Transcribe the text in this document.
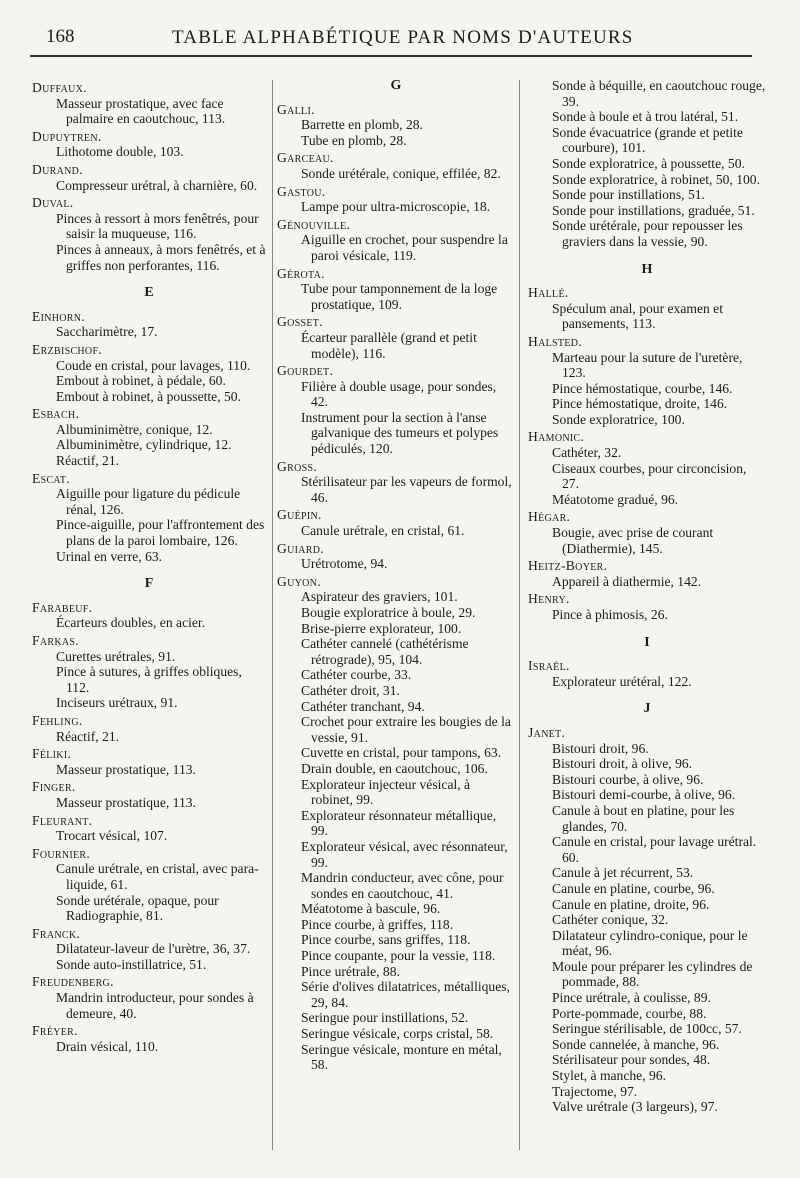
168	TABLE ALPHABÉTIQUE PAR NOMS D'AUTEURS
Duffaux.
Masseur prostatique, avec face palmaire en caoutchouc, 113.
Dupuytren.
Lithotome double, 103.
Durand.
Compresseur urétral, à charnière, 60.
Duval.
Pinces à ressort à mors fenêtrés, pour saisir la muqueuse, 116.
Pinces à anneaux, à mors fenêtrés, et à griffes non perforantes, 116.
E
Einhorn.
Saccharimètre, 17.
Erzbischof.
Coude en cristal, pour lavages, 110.
Embout à robinet, à pédale, 60.
Embout à robinet, à poussette, 50.
Esbach.
Albuminimètre, conique, 12.
Albuminimètre, cylindrique, 12.
Réactif, 21.
Escat.
Aiguille pour ligature du pédicule rénal, 126.
Pince-aiguille, pour l'affrontement des plans de la paroi lombaire, 126.
Urinal en verre, 63.
F
Farabeuf.
Écarteurs doubles, en acier.
Farkas.
Curettes urétrales, 91.
Pince à sutures, à griffes obliques, 112.
Inciseurs urétraux, 91.
Fehling.
Réactif, 21.
Féliki.
Masseur prostatique, 113.
Finger.
Masseur prostatique, 113.
Fleurant.
Trocart vésical, 107.
Fournier.
Canule urétrale, en cristal, avec para-liquide, 61.
Sonde urétérale, opaque, pour Radiographie, 81.
Franck.
Dilatateur-laveur de l'urètre, 36, 37.
Sonde auto-instillatrice, 51.
Freudenberg.
Mandrin introducteur, pour sondes à demeure, 40.
Fréyer.
Drain vésical, 110.
G
Galli.
Barrette en plomb, 28.
Tube en plomb, 28.
Garceau.
Sonde urétérale, conique, effilée, 82.
Gastou.
Lampe pour ultra-microscopie, 18.
Génouville.
Aiguille en crochet, pour suspendre la paroi vésicale, 119.
Gérota.
Tube pour tamponnement de la loge prostatique, 109.
Gosset.
Écarteur parallèle (grand et petit modèle), 116.
Gourdet.
Filière à double usage, pour sondes, 42.
Instrument pour la section à l'anse galvanique des tumeurs et polypes pédiculés, 120.
Gross.
Stérilisateur par les vapeurs de formol, 46.
Guépin.
Canule urétrale, en cristal, 61.
Guiard.
Urétrotome, 94.
Guyon.
Aspirateur des graviers, 101.
Bougie exploratrice à boule, 29.
Brise-pierre explorateur, 100.
Cathéter cannelé (cathétérisme rétrograde), 95, 104.
Cathéter courbe, 33.
Cathéter droit, 31.
Cathéter tranchant, 94.
Crochet pour extraire les bougies de la vessie, 91.
Cuvette en cristal, pour tampons, 63.
Drain double, en caoutchouc, 106.
Explorateur injecteur vésical, à robinet, 99.
Explorateur résonnateur métallique, 99.
Explorateur vésical, avec résonnateur, 99.
Mandrin conducteur, avec cône, pour sondes en caoutchouc, 41.
Méatotome à bascule, 96.
Pince courbe, à griffes, 118.
Pince courbe, sans griffes, 118.
Pince coupante, pour la vessie, 118.
Pince urétrale, 88.
Série d'olives dilatatrices, métalliques, 29, 84.
Seringue pour instillations, 52.
Seringue vésicale, corps cristal, 58.
Seringue vésicale, monture en métal, 58.
Sonde à béquille, en caoutchouc rouge, 39.
Sonde à boule et à trou latéral, 51.
Sonde évacuatrice (grande et petite courbure), 101.
Sonde exploratrice, à poussette, 50.
Sonde exploratrice, à robinet, 50, 100.
Sonde pour instillations, 51.
Sonde pour instillations, graduée, 51.
Sonde urétérale, pour repousser les graviers dans la vessie, 90.
H
Hallé.
Spéculum anal, pour examen et pansements, 113.
Halsted.
Marteau pour la suture de l'uretère, 123.
Pince hémostatique, courbe, 146.
Pince hémostatique, droite, 146.
Sonde exploratrice, 100.
Hamonic.
Cathéter, 32.
Ciseaux courbes, pour circoncision, 27.
Méatotome gradué, 96.
Hégar.
Bougie, avec prise de courant (Diathermie), 145.
Heitz-Boyer.
Appareil à diathermie, 142.
Henry.
Pince à phimosis, 26.
I
Israël.
Explorateur urétéral, 122.
J
Janet.
Bistouri droit, 96.
Bistouri droit, à olive, 96.
Bistouri courbe, à olive, 96.
Bistouri demi-courbe, à olive, 96.
Canule à bout en platine, pour les glandes, 70.
Canule en cristal, pour lavage urétral. 60.
Canule à jet récurrent, 53.
Canule en platine, courbe, 96.
Canule en platine, droite, 96.
Cathéter conique, 32.
Dilatateur cylindro-conique, pour le méat, 96.
Moule pour préparer les cylindres de pommade, 88.
Pince urétrale, à coulisse, 89.
Porte-pommade, courbe, 88.
Seringue stérilisable, de 100cc, 57.
Sonde cannelée, à manche, 96.
Stérilisateur pour sondes, 48.
Stylet, à manche, 96.
Trajectome, 97.
Valve urétrale (3 largeurs), 97.
